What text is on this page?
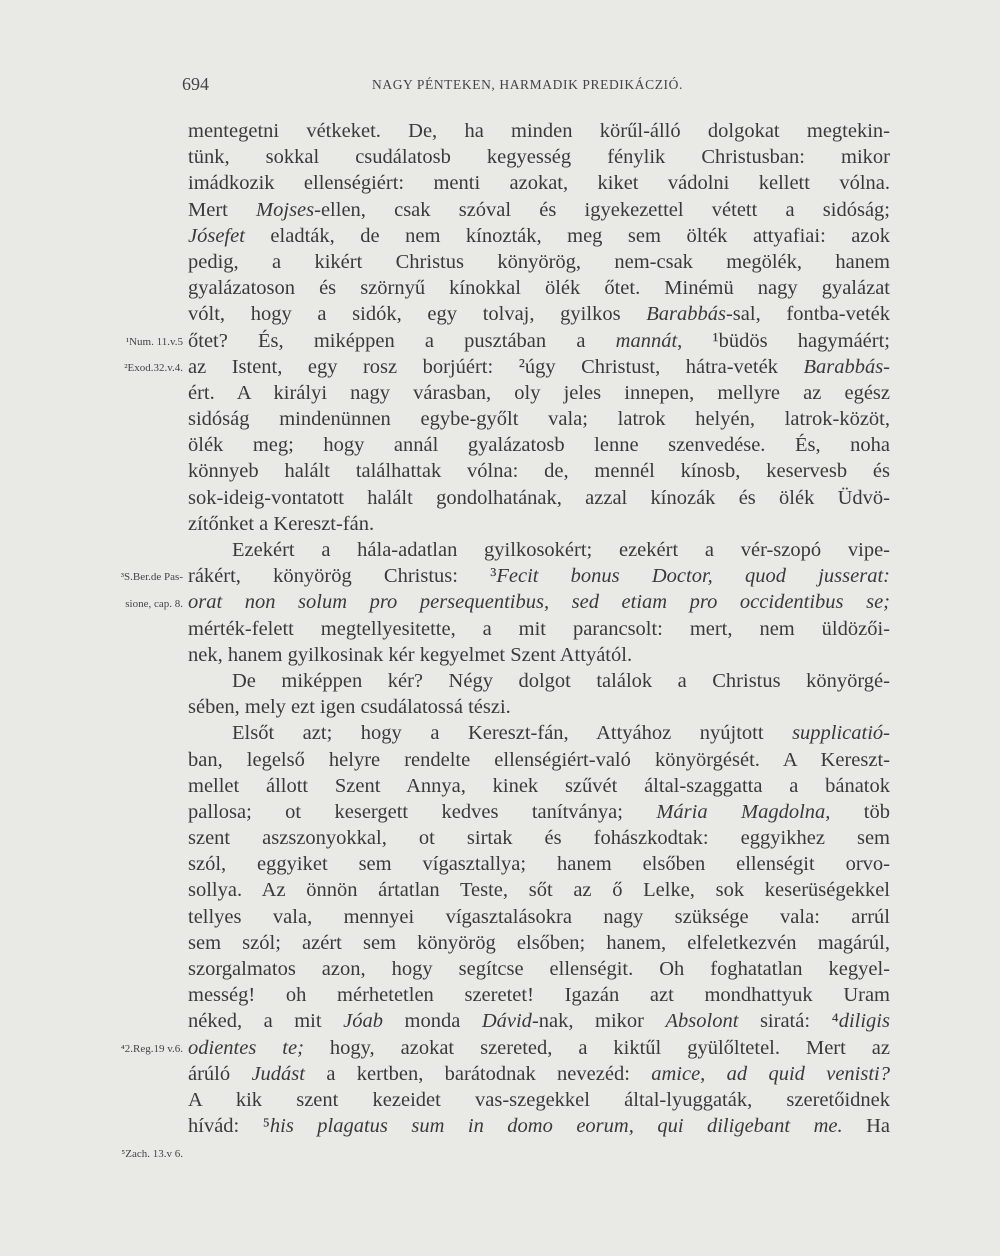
694	NAGY PÉNTEKEN, HARMADIK PREDIKÁCZIÓ.
¹Num. 11.v.5
²Exod.32.v.4.
³S.Ber.de Pas-
sione, cap. 8.
⁴2.Reg.19 v.6.
⁵Zach. 13.v 6.
mentegetni vétkeket. De, ha minden körűl-álló dolgokat megtekin-
tünk, sokkal csudálatosb kegyesség fénylik Christusban: mikor
imádkozik ellenségiért: menti azokat, kiket vádolni kellett vólna.
Mert Mojses-ellen, csak szóval és igyekezettel vétett a sidóság;
Jósefet eladták, de nem kínozták, meg sem ölték attyafiai: azok
pedig, a kikért Christus könyörög, nem-csak megölék, hanem
gyalázatoson és szörnyű kínokkal ölék őtet. Minémü nagy gyalázat
vólt, hogy a sidók, egy tolvaj, gyilkos Barabbás-sal, fontba-veték
őtet? És, miképpen a pusztában a mannát, ¹büdös hagymáért;
az Istent, egy rosz borjúért: ²úgy Christust, hátra-veték Barabbás-
ért. A királyi nagy várasban, oly jeles innepen, mellyre az egész
sidóság mindenünnen egybe-győlt vala; latrok helyén, latrok-közöt,
ölék meg; hogy annál gyalázatosb lenne szenvedése. És, noha
könnyeb halált találhattak vólna: de, mennél kínosb, keservesb és
sok-ideig-vontatott halált gondolhatának, azzal kínozák és ölék Üdvö-
zítőnket a Kereszt-fán.
Ezekért a hála-adatlan gyilkosokért; ezekért a vér-szopó vipe-
rákért, könyörög Christus: ³Fecit bonus Doctor, quod jusserat:
orat non solum pro persequentibus, sed etiam pro occidentibus se;
mérték-felett megtellyesitette, a mit parancsolt: mert, nem üldözői-
nek, hanem gyilkosinak kér kegyelmet Szent Attyától.
De miképpen kér? Négy dolgot találok a Christus könyörgé-
sében, mely ezt igen csudálatossá tészi.
Elsőt azt; hogy a Kereszt-fán, Attyához nyújtott supplicatió-
ban, legelső helyre rendelte ellenségiért-való könyörgését. A Kereszt-
mellet állott Szent Annya, kinek szűvét által-szaggatta a bánatok
pallosa; ot kesergett kedves tanítványa; Mária Magdolna, töb
szent aszszonyokkal, ot sirtak és fohászkodtak: eggyikhez sem
szól, eggyiket sem vígasztallya; hanem elsőben ellenségit orvo-
sollya. Az önnön ártatlan Teste, sőt az ő Lelke, sok keserüségekkel
tellyes vala, mennyei vígasztalásokra nagy szüksége vala: arrúl
sem szól; azért sem könyörög elsőben; hanem, elfeletkezvén magárúl,
szorgalmatos azon, hogy segítcse ellenségit. Oh foghatatlan kegyel-
messég! oh mérhetetlen szeretet! Igazán azt mondhattyuk Uram
néked, a mit Jóab monda Dávid-nak, mikor Absolont siratá: ⁴diligis
odientes te; hogy, azokat szereted, a kiktűl gyülőltetel. Mert az
árúló Judást a kertben, barátodnak nevezéd: amice, ad quid venisti?
A kik szent kezeidet vas-szegekkel által-lyuggaták, szeretőidnek
hívád: ⁵his plagatus sum in domo eorum, qui diligebant me. Ha
